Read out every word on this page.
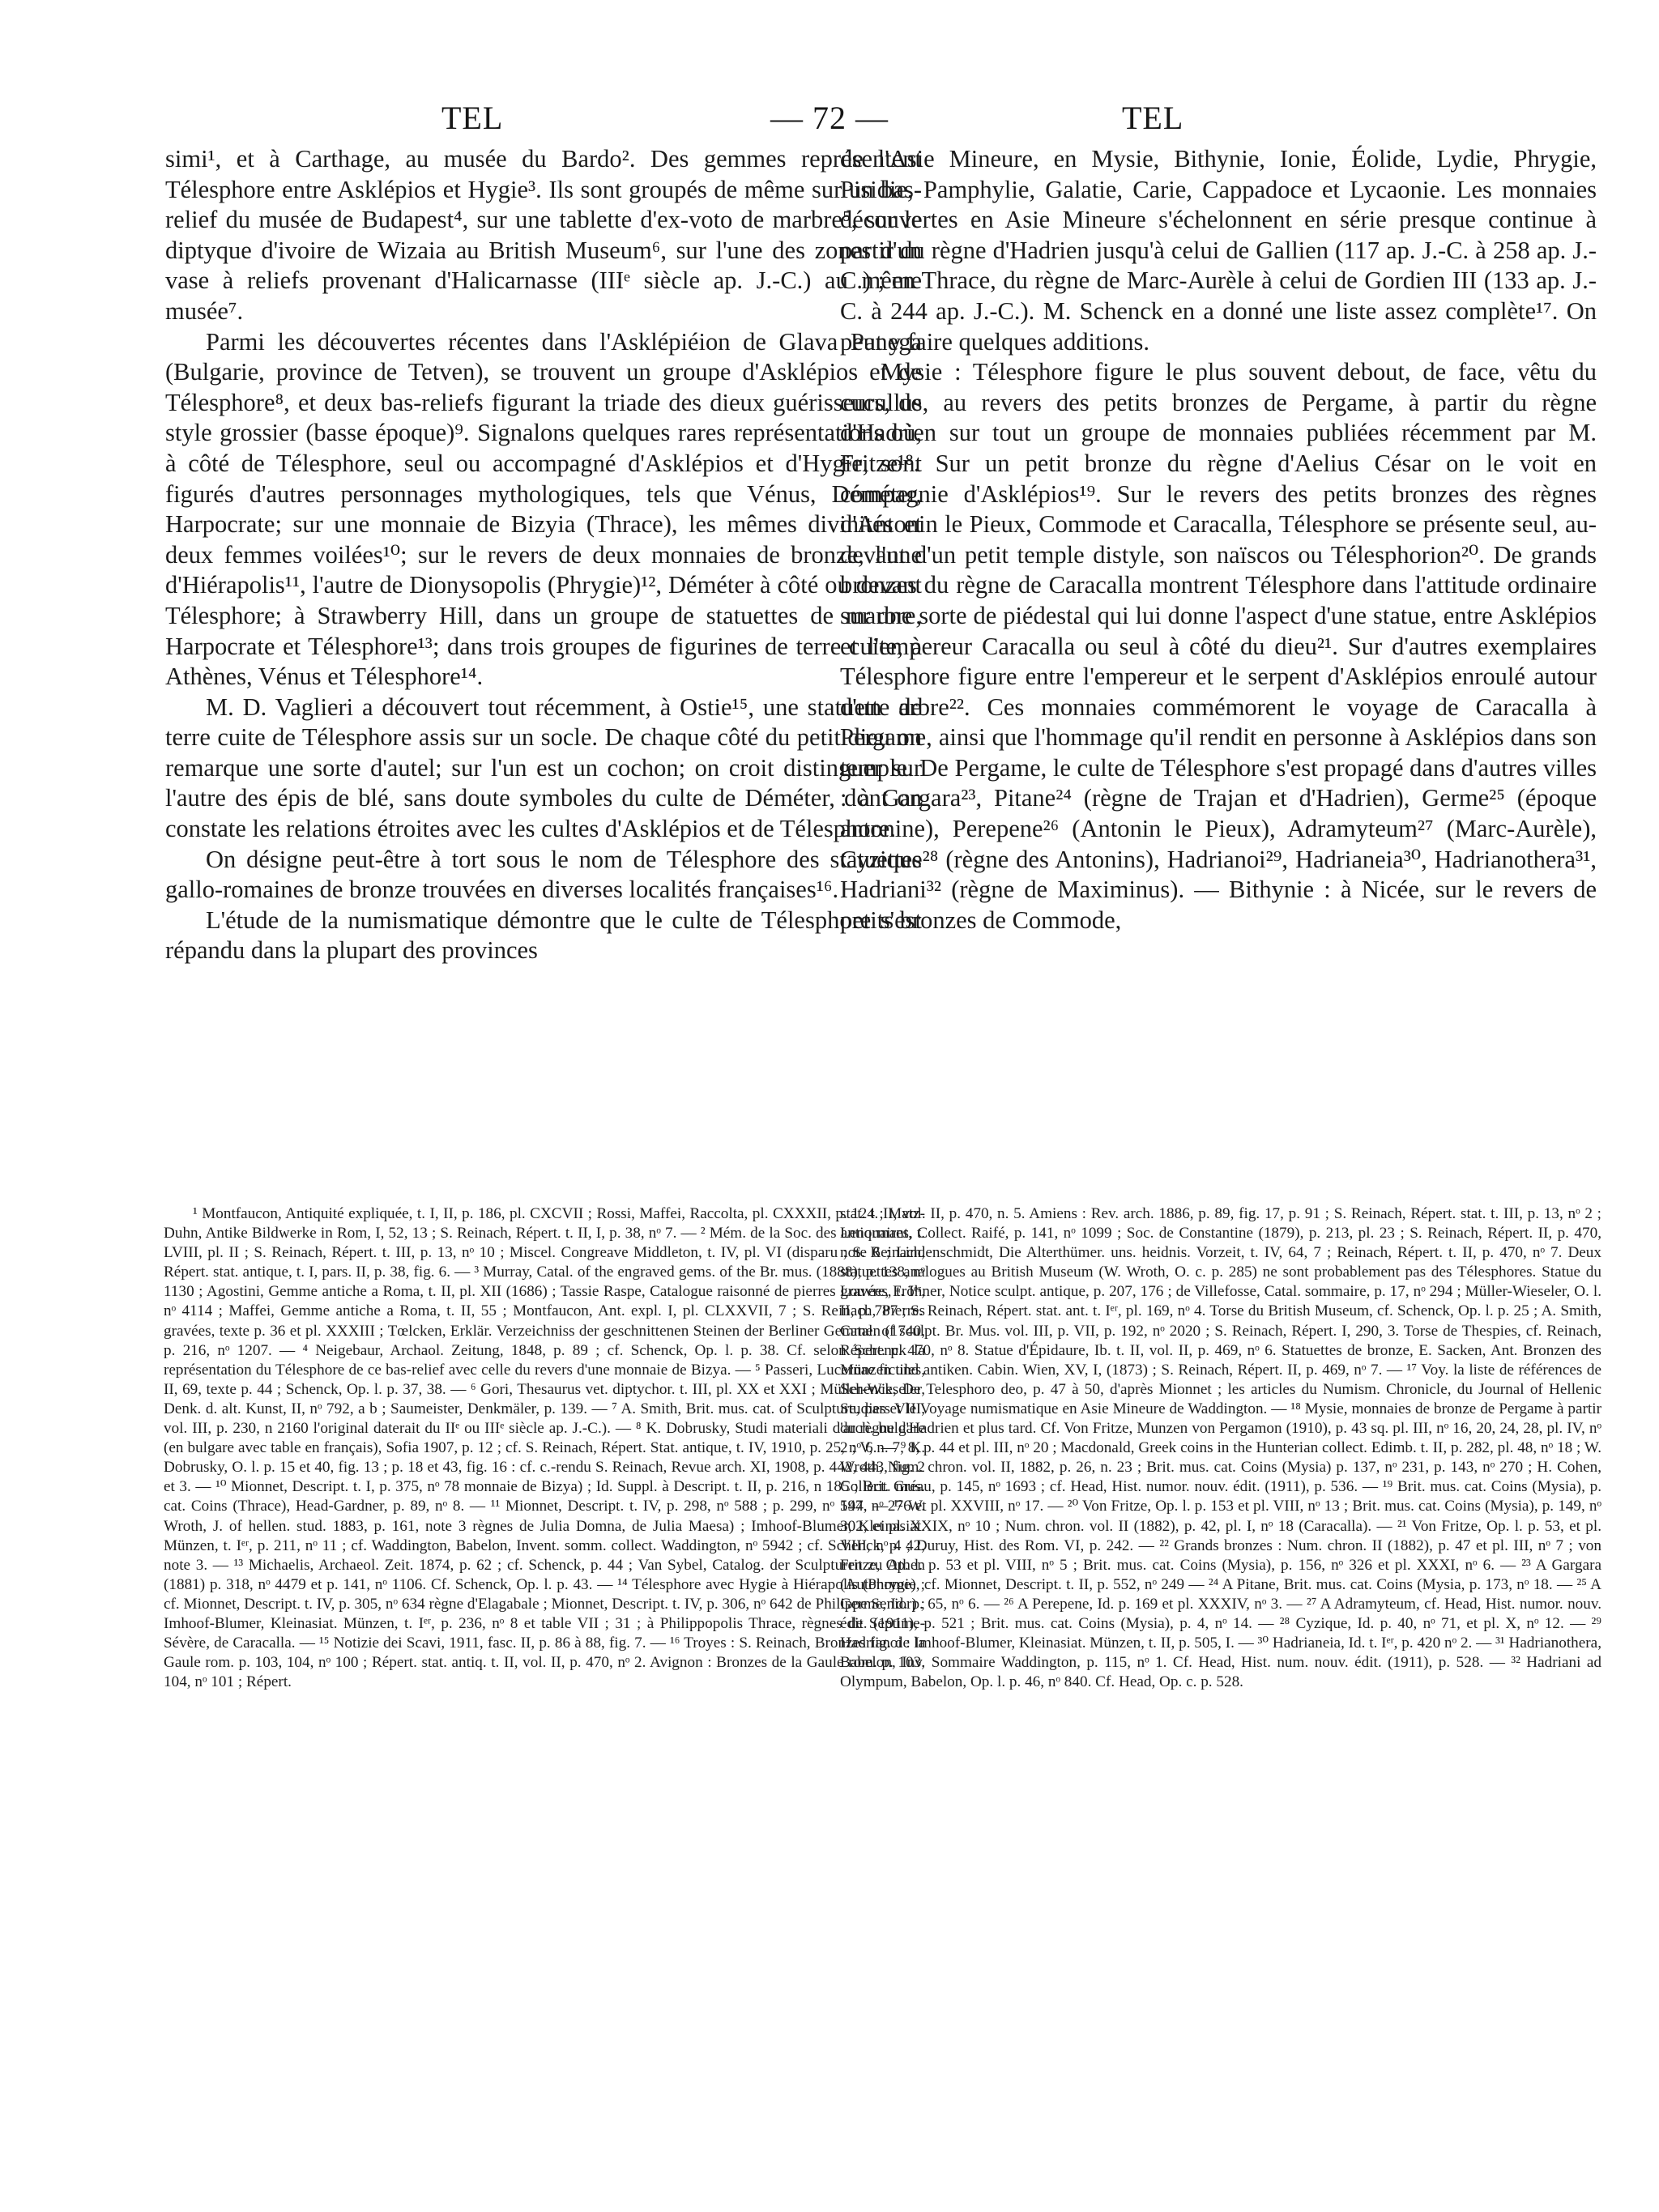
TEL	— 72 —	TEL

simi¹, et à Carthage, au musée du Bardo². Des gemmes représentent Télesphore entre Asklépios et Hygie³. Ils sont groupés de même sur un bas-relief du musée de Budapest⁴, sur une tablette d'ex-voto de marbre⁵, sur le diptyque d'ivoire de Wizaia au British Museum⁶, sur l'une des zones d'un vase à reliefs provenant d'Halicarnasse (IIIᵉ siècle ap. J.-C.) au même musée⁷.

Parmi les découvertes récentes dans l'Asklépiéion de Glava Panega (Bulgarie, province de Tetven), se trouvent un groupe d'Asklépios et de Télesphore⁸, et deux bas-reliefs figurant la triade des dieux guérisseurs, de style grossier (basse époque)⁹. Signalons quelques rares représentations où, à côté de Télesphore, seul ou accompagné d'Asklépios et d'Hygie, sont figurés d'autres personnages mythologiques, tels que Vénus, Déméter, Harpocrate; sur une monnaie de Bizyia (Thrace), les mêmes divinités et deux femmes voilées¹⁰; sur le revers de deux monnaies de bronze, l'une d'Hiérapolis¹¹, l'autre de Dionysopolis (Phrygie)¹², Déméter à côté ou devant Télesphore; à Strawberry Hill, dans un groupe de statuettes de marbre, Harpocrate et Télesphore¹³; dans trois groupes de figurines de terre cuite, à Athènes, Vénus et Télesphore¹⁴.

M. D. Vaglieri a découvert tout récemment, à Ostie¹⁵, une statuette de terre cuite de Télesphore assis sur un socle. De chaque côté du petit dieu on remarque une sorte d'autel; sur l'un est un cochon; on croit distinguer sur l'autre des épis de blé, sans doute symboles du culte de Déméter, dont on constate les relations étroites avec les cultes d'Asklépios et de Télesphore.

On désigne peut-être à tort sous le nom de Télesphore des statuettes gallo-romaines de bronze trouvées en diverses localités françaises¹⁶.

L'étude de la numismatique démontre que le culte de Télesphore s'est répandu dans la plupart des provinces

de l'Asie Mineure, en Mysie, Bithynie, Ionie, Éolide, Lydie, Phrygie, Pisidie, Pamphylie, Galatie, Carie, Cappadoce et Lycaonie. Les monnaies découvertes en Asie Mineure s'échelonnent en série presque continue à partir du règne d'Hadrien jusqu'à celui de Gallien (117 ap. J.-C. à 258 ap. J.-C.) ; en Thrace, du règne de Marc-Aurèle à celui de Gordien III (133 ap. J.-C. à 244 ap. J.-C.). M. Schenck en a donné une liste assez complète¹⁷. On peut y faire quelques additions.

Mysie : Télesphore figure le plus souvent debout, de face, vêtu du cucullus, au revers des petits bronzes de Pergame, à partir du règne d'Hadrien sur tout un groupe de monnaies publiées récemment par M. Fritze¹⁸. Sur un petit bronze du règne d'Aelius César on le voit en compagnie d'Asklépios¹⁹. Sur le revers des petits bronzes des règnes d'Antonin le Pieux, Commode et Caracalla, Télesphore se présente seul, au-devant d'un petit temple distyle, son naïscos ou Télesphorion²⁰. De grands bronzes du règne de Caracalla montrent Télesphore dans l'attitude ordinaire sur une sorte de piédestal qui lui donne l'aspect d'une statue, entre Asklépios et l'empereur Caracalla ou seul à côté du dieu²¹. Sur d'autres exemplaires Télesphore figure entre l'empereur et le serpent d'Asklépios enroulé autour d'un arbre²². Ces monnaies commémorent le voyage de Caracalla à Pergame, ainsi que l'hommage qu'il rendit en personne à Asklépios dans son temple. De Pergame, le culte de Télesphore s'est propagé dans d'autres villes : à Gargara²³, Pitane²⁴ (règne de Trajan et d'Hadrien), Germe²⁵ (époque antonine), Perepene²⁶ (Antonin le Pieux), Adramyteum²⁷ (Marc-Aurèle), Cyzique²⁸ (règne des Antonins), Hadrianoi²⁹, Hadrianeia³⁰, Hadrianothera³¹, Hadriani³² (règne de Maximinus). — Bithynie : à Nicée, sur le revers de petits bronzes de Commode,

¹ Montfaucon, Antiquité expliquée, t. I, II, p. 186, pl. CXCVII ; Rossi, Maffei, Raccolta, pl. CXXXII, p. 124 ; Matz-Duhn, Antike Bildwerke in Rom, I, 52, 13 ; S. Reinach, Répert. t. II, I, p. 38, nᵒ 7. — ² Mém. de la Soc. des antiquaires, t. LVIII, pl. II ; S. Reinach, Répert. t. III, p. 13, nᵒ 10 ; Miscel. Congreave Middleton, t. IV, pl. VI (disparu ; S. Reinach, Répert. stat. antique, t. I, pars. II, p. 38, fig. 6. — ³ Murray, Catal. of the engraved gems. of the Br. mus. (1888), p. 138, nᵒ 1130 ; Agostini, Gemme antiche a Roma, t. II, pl. XII (1686) ; Tassie Raspe, Catalogue raisonné de pierres gravées, t. Iᵉʳ, nᵒ 4114 ; Maffei, Gemme antiche a Roma, t. II, 55 ; Montfaucon, Ant. expl. I, pl. CLXXVII, 7 ; S. Reinach, Pierres gravées, texte p. 36 et pl. XXXIII ; Tœlcken, Erklär. Verzeichniss der geschnittenen Steinen der Berliner Gemmen (1740, p. 216, nᵒ 1207. — ⁴ Neigebaur, Archaol. Zeitung, 1848, p. 89 ; cf. Schenck, Op. l. p. 38. Cf. selon Schenck la représentation du Télesphore de ce bas-relief avec celle du revers d'une monnaie de Bizya. — ⁵ Passeri, Lucernae fictiles, II, 69, texte p. 44 ; Schenck, Op. l. p. 37, 38. — ⁶ Gori, Thesaurus vet. diptychor. t. III, pl. XX et XXI ; Müller-Wieseler, Denk. d. alt. Kunst, II, nᵒ 792, a b ; Saumeister, Denkmäler, p. 139. — ⁷ A. Smith, Brit. mus. cat. of Sculpture, pars VIII, vol. III, p. 230, n 2160 l'original daterait du IIᵉ ou IIIᵉ siècle ap. J.-C.). — ⁸ K. Dobrusky, Studi materiali d'arch. bulgare (en bulgare avec table en français), Sofia 1907, p. 12 ; cf. S. Reinach, Répert. Stat. antique, t. IV, 1910, p. 25, nᵒ 6. — ⁹ K. Dobrusky, O. l. p. 15 et 40, fig. 13 ; p. 18 et 43, fig. 16 : cf. c.-rendu S. Reinach, Revue arch. XI, 1908, p. 442, 443, fig. 2 et 3. — ¹⁰ Mionnet, Descript. t. I, p. 375, nᵒ 78 monnaie de Bizya) ; Id. Suppl. à Descript. t. II, p. 216, n 185 ; Brit. mus. cat. Coins (Thrace), Head-Gardner, p. 89, nᵒ 8. — ¹¹ Mionnet, Descript. t. IV, p. 298, nᵒ 588 ; p. 299, nᵒ 597. — ¹² W. Wroth, J. of hellen. stud. 1883, p. 161, note 3 règnes de Julia Domna, de Julia Maesa) ; Imhoof-Blumer, Kleinasiat. Münzen, t. Iᵉʳ, p. 211, nᵒ 11 ; cf. Waddington, Babelon, Invent. somm. collect. Waddington, nᵒ 5942 ; cf. Schenck, p. 42, note 3. — ¹³ Michaelis, Archaeol. Zeit. 1874, p. 62 ; cf. Schenck, p. 44 ; Van Sybel, Catalog. der Sculpturen zu Athen (1881) p. 318, nᵒ 4479 et p. 141, nᵒ 1106. Cf. Schenck, Op. l. p. 43. — ¹⁴ Télesphore avec Hygie à Hiérapolis (Phrygie ; cf. Mionnet, Descript. t. IV, p. 305, nᵒ 634 règne d'Elagabale ; Mionnet, Descript. t. IV, p. 306, nᵒ 642 de Philippe Senior) ; Imhoof-Blumer, Kleinasiat. Münzen, t. Iᵉʳ, p. 236, nᵒ 8 et table VII ; 31 ; à Philippopolis Thrace, règnes de Septime-Sévère, de Caracalla. — ¹⁵ Notizie dei Scavi, 1911, fasc. II, p. 86 à 88, fig. 7. — ¹⁶ Troyes : S. Reinach, Bronzes fig. de la Gaule rom. p. 103, 104, nᵒ 100 ; Répert. stat. antiq. t. II, vol. II, p. 470, nᵒ 2. Avignon : Bronzes de la Gaule rom. p. 103, 104, nᵒ 101 ; Répert.

stat. t. II, vol. II, p. 470, n. 5. Amiens : Rev. arch. 1886, p. 89, fig. 17, p. 91 ; S. Reinach, Répert. stat. t. III, p. 13, nᵒ 2 ; Lenormant, Collect. Raifé, p. 141, nᵒ 1099 ; Soc. de Constantine (1879), p. 213, pl. 23 ; S. Reinach, Répert. II, p. 470, note 6 ; Lindenschmidt, Die Alterthümer. uns. heidnis. Vorzeit, t. IV, 64, 7 ; Reinach, Répert. t. II, p. 470, nᵒ 7. Deux statuettes analogues au British Museum (W. Wroth, O. c. p. 285) ne sont probablement pas des Télesphores. Statue du Louvre, Fröhner, Notice sculpt. antique, p. 207, 176 ; de Villefosse, Catal. sommaire, p. 17, nᵒ 294 ; Müller-Wieseler, O. l. II, p. 787 ; S. Reinach, Répert. stat. ant. t. Iᵉʳ, pl. 169, nᵒ 4. Torse du British Museum, cf. Schenck, Op. l. p. 25 ; A. Smith, Catal. of sculpt. Br. Mus. vol. III, p. VII, p. 192, nᵒ 2020 ; S. Reinach, Répert. I, 290, 3. Torse de Thespies, cf. Reinach, Répert. p. 470, nᵒ 8. Statue d'Épidaure, Ib. t. II, vol. II, p. 469, nᵒ 6. Statuettes de bronze, E. Sacken, Ant. Bronzen des Münzen und antiken. Cabin. Wien, XV, I, (1873) ; S. Reinach, Répert. II, p. 469, nᵒ 7. — ¹⁷ Voy. la liste de références de Schenck, De Telesphoro deo, p. 47 à 50, d'après Mionnet ; les articles du Numism. Chronicle, du Journal of Hellenic Studies et le Voyage numismatique en Asie Mineure de Waddington. — ¹⁸ Mysie, monnaies de bronze de Pergame à partir du règne d'Hadrien et plus tard. Cf. Von Fritze, Munzen von Pergamon (1910), p. 43 sq. pl. III, nᵒ 16, 20, 24, 28, pl. IV, nᵒ 2 ; V, n. 7, 8, p. 44 et pl. III, nᵒ 20 ; Macdonald, Greek coins in the Hunterian collect. Edimb. t. II, p. 282, pl. 48, nᵒ 18 ; W. Wroth, Num. chron. vol. II, 1882, p. 26, n. 23 ; Brit. mus. cat. Coins (Mysia) p. 137, nᵒ 231, p. 143, nᵒ 270 ; H. Cohen, Collect. Gréau, p. 145, nᵒ 1693 ; cf. Head, Hist. numor. nouv. édit. (1911), p. 536. — ¹⁹ Brit. mus. cat. Coins (Mysia), p. 144, nᵒ 276 et pl. XXVIII, nᵒ 17. — ²⁰ Von Fritze, Op. l. p. 153 et pl. VIII, nᵒ 13 ; Brit. mus. cat. Coins (Mysia), p. 149, nᵒ 302, et pl. XXIX, nᵒ 10 ; Num. chron. vol. II (1882), p. 42, pl. I, nᵒ 18 (Caracalla). — ²¹ Von Fritze, Op. l. p. 53, et pl. VIII, nᵒ 4 ; Duruy, Hist. des Rom. VI, p. 242. — ²² Grands bronzes : Num. chron. II (1882), p. 47 et pl. III, nᵒ 7 ; von Fritze, Op. l. p. 53 et pl. VIII, nᵒ 5 ; Brit. mus. cat. Coins (Mysia), p. 156, nᵒ 326 et pl. XXXI, nᵒ 6. — ²³ A Gargara (Autonome), cf. Mionnet, Descript. t. II, p. 552, nᵒ 249 — ²⁴ A Pitane, Brit. mus. cat. Coins (Mysia, p. 173, nᵒ 18. — ²⁵ A Germe, Id. p. 65, nᵒ 6. — ²⁶ A Perepene, Id. p. 169 et pl. XXXIV, nᵒ 3. — ²⁷ A Adramyteum, cf. Head, Hist. numor. nouv. édit. (1911), p. 521 ; Brit. mus. cat. Coins (Mysia), p. 4, nᵒ 14. — ²⁸ Cyzique, Id. p. 40, nᵒ 71, et pl. X, nᵒ 12. — ²⁹ Hadrianoi : Imhoof-Blumer, Kleinasiat. Münzen, t. II, p. 505, I. — ³⁰ Hadrianeia, Id. t. Iᵉʳ, p. 420 nᵒ 2. — ³¹ Hadrianothera, Babelon, Inv. Sommaire Waddington, p. 115, nᵒ 1. Cf. Head, Hist. num. nouv. édit. (1911), p. 528. — ³² Hadriani ad Olympum, Babelon, Op. l. p. 46, nᵒ 840. Cf. Head, Op. c. p. 528.
